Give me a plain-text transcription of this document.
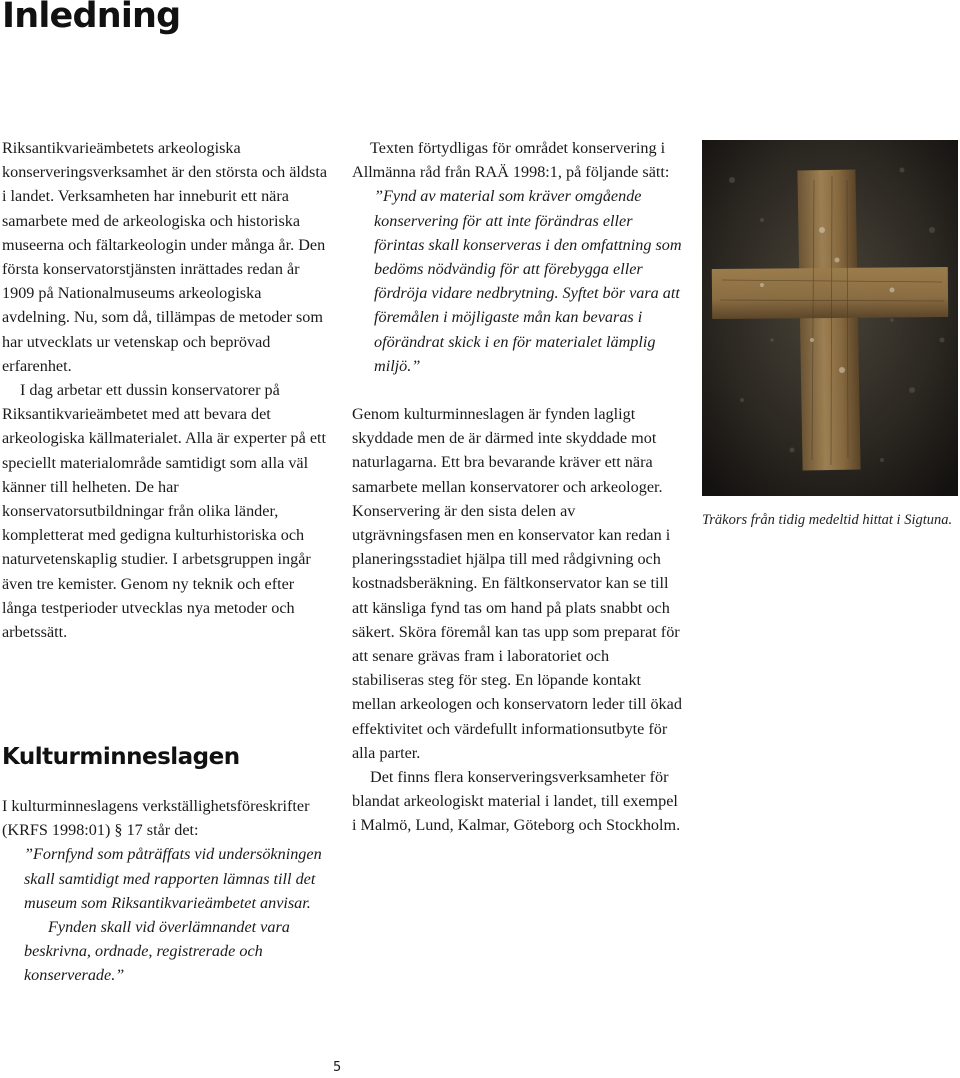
Inledning

Riksantikvarieämbetets arkeologiska konserveringsverksamhet är den största och äldsta i landet. Verksamheten har inneburit ett nära samarbete med de arkeologiska och historiska museerna och fältarkeologin under många år. Den första konservatorstjänsten inrättades redan år 1909 på Nationalmuseums arkeologiska avdelning. Nu, som då, tillämpas de metoder som har utvecklats ur vetenskap och beprövad erfarenhet.

I dag arbetar ett dussin konservatorer på Riksantikvarieämbetet med att bevara det arkeologiska källmaterialet. Alla är experter på ett speciellt materialområde samtidigt som alla väl känner till helheten. De har konservatorsutbildningar från olika länder, kompletterat med gedigna kulturhistoriska och naturvetenskaplig studier. I arbetsgruppen ingår även tre kemister. Genom ny teknik och efter långa testperioder utvecklas nya metoder och arbetssätt.

Kulturminneslagen

I kulturminneslagens verkställighetsföreskrifter (KRFS 1998:01) § 17 står det:

”Fornfynd som påträffats vid undersökningen skall samtidigt med rapporten lämnas till det museum som Riksantikvarieämbetet anvisar.

Fynden skall vid överlämnandet vara beskrivna, ordnade, registrerade och konserverade.”

Texten förtydligas för området konservering i Allmänna råd från RAÄ 1998:1, på följande sätt:

”Fynd av material som kräver omgående konservering för att inte förändras eller förintas skall konserveras i den omfattning som bedöms nödvändig för att förebygga eller fördröja vidare nedbrytning. Syftet bör vara att föremålen i möjligaste mån kan bevaras i oförändrat skick i en för materialet lämplig miljö.”

Genom kulturminneslagen är fynden lagligt skyddade men de är därmed inte skyddade mot naturlagarna. Ett bra bevarande kräver ett nära samarbete mellan konservatorer och arkeologer. Konservering är den sista delen av utgrävningsfasen men en konservator kan redan i planeringsstadiet hjälpa till med rådgivning och kostnadsberäkning. En fältkonservator kan se till att känsliga fynd tas om hand på plats snabbt och säkert. Sköra föremål kan tas upp som preparat för att senare grävas fram i laboratoriet och stabiliseras steg för steg. En löpande kontakt mellan arkeologen och konservatorn leder till ökad effektivitet och värdefullt informationsutbyte för alla parter.

Det finns flera konserveringsverksamheter för blandat arkeologiskt material i landet, till exempel i Malmö, Lund, Kalmar, Göteborg och Stockholm.

Träkors från tidig medeltid hittat i Sigtuna.
5
